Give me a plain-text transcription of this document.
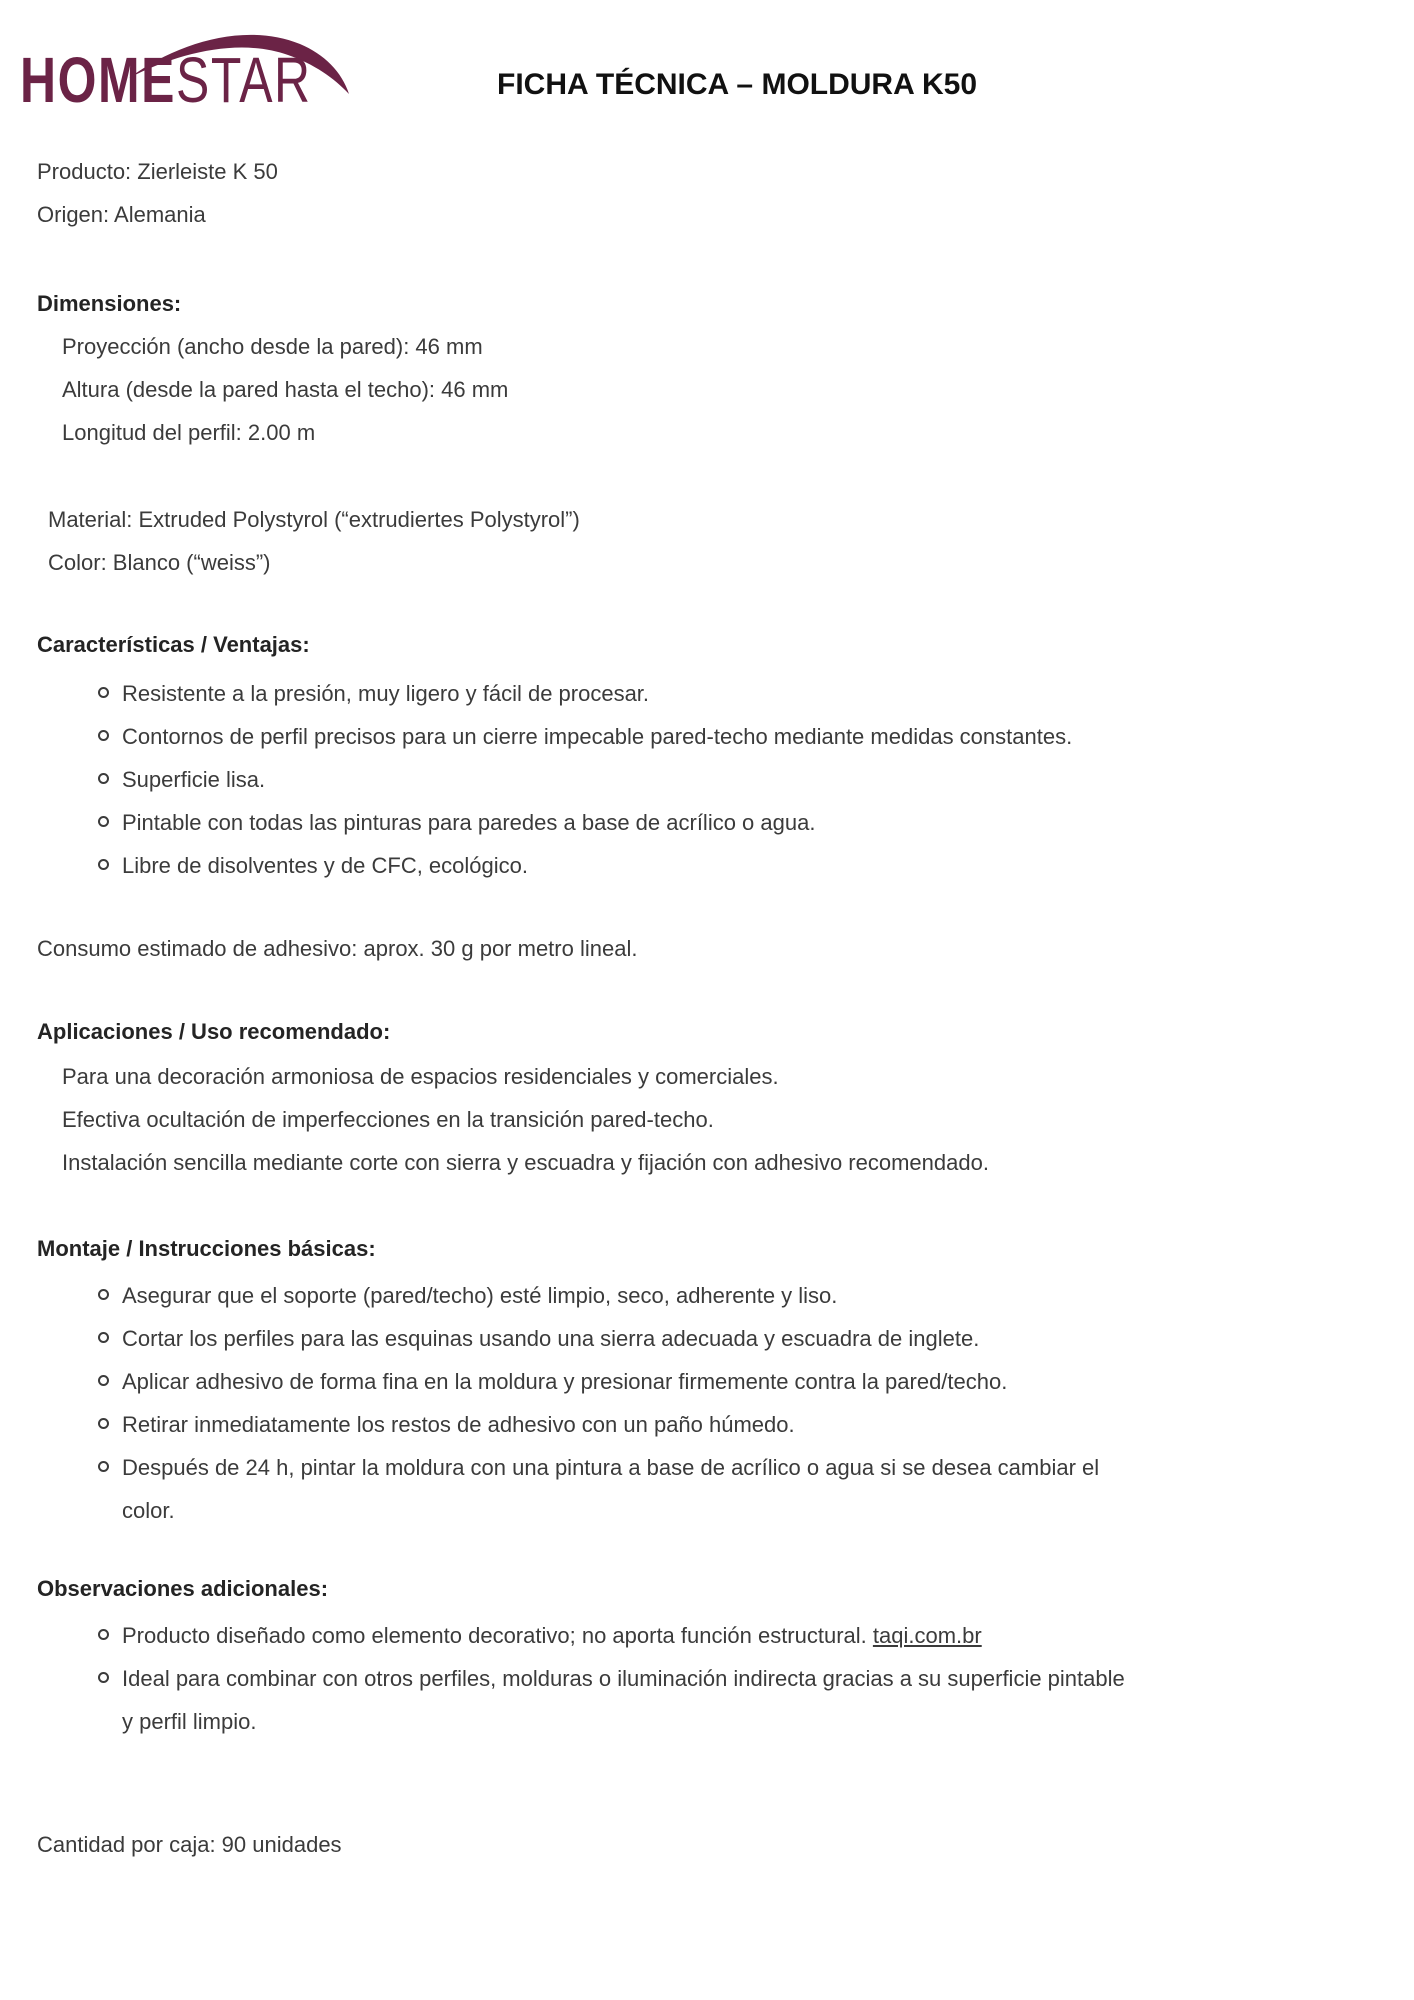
HOMESTAR	FICHA TÉCNICA – MOLDURA K50

Producto: Zierleiste K 50

Origen: Alemania

Dimensiones:

Proyección (ancho desde la pared): 46 mm
Altura (desde la pared hasta el techo): 46 mm
Longitud del perfil: 2.00 m
Material: Extruded Polystyrol (“extrudiertes Polystyrol”)
Color: Blanco (“weiss”)

Características / Ventajas:

Resistente a la presión, muy ligero y fácil de procesar.
Contornos de perfil precisos para un cierre impecable pared-techo mediante medidas constantes.
Superficie lisa.
Pintable con todas las pinturas para paredes a base de acrílico o agua.
Libre de disolventes y de CFC, ecológico.

Consumo estimado de adhesivo: aprox. 30 g por metro lineal.

Aplicaciones / Uso recomendado:

Para una decoración armoniosa de espacios residenciales y comerciales.
Efectiva ocultación de imperfecciones en la transición pared-techo.
Instalación sencilla mediante corte con sierra y escuadra y fijación con adhesivo recomendado.

Montaje / Instrucciones básicas:

Asegurar que el soporte (pared/techo) esté limpio, seco, adherente y liso.
Cortar los perfiles para las esquinas usando una sierra adecuada y escuadra de inglete.
Aplicar adhesivo de forma fina en la moldura y presionar firmemente contra la pared/techo.
Retirar inmediatamente los restos de adhesivo con un paño húmedo.
Después de 24 h, pintar la moldura con una pintura a base de acrílico o agua si se desea cambiar el
color.

Observaciones adicionales:

Producto diseñado como elemento decorativo; no aporta función estructural. taqi.com.br
Ideal para combinar con otros perfiles, molduras o iluminación indirecta gracias a su superficie pintable
y perfil limpio.

Cantidad por caja: 90 unidades
